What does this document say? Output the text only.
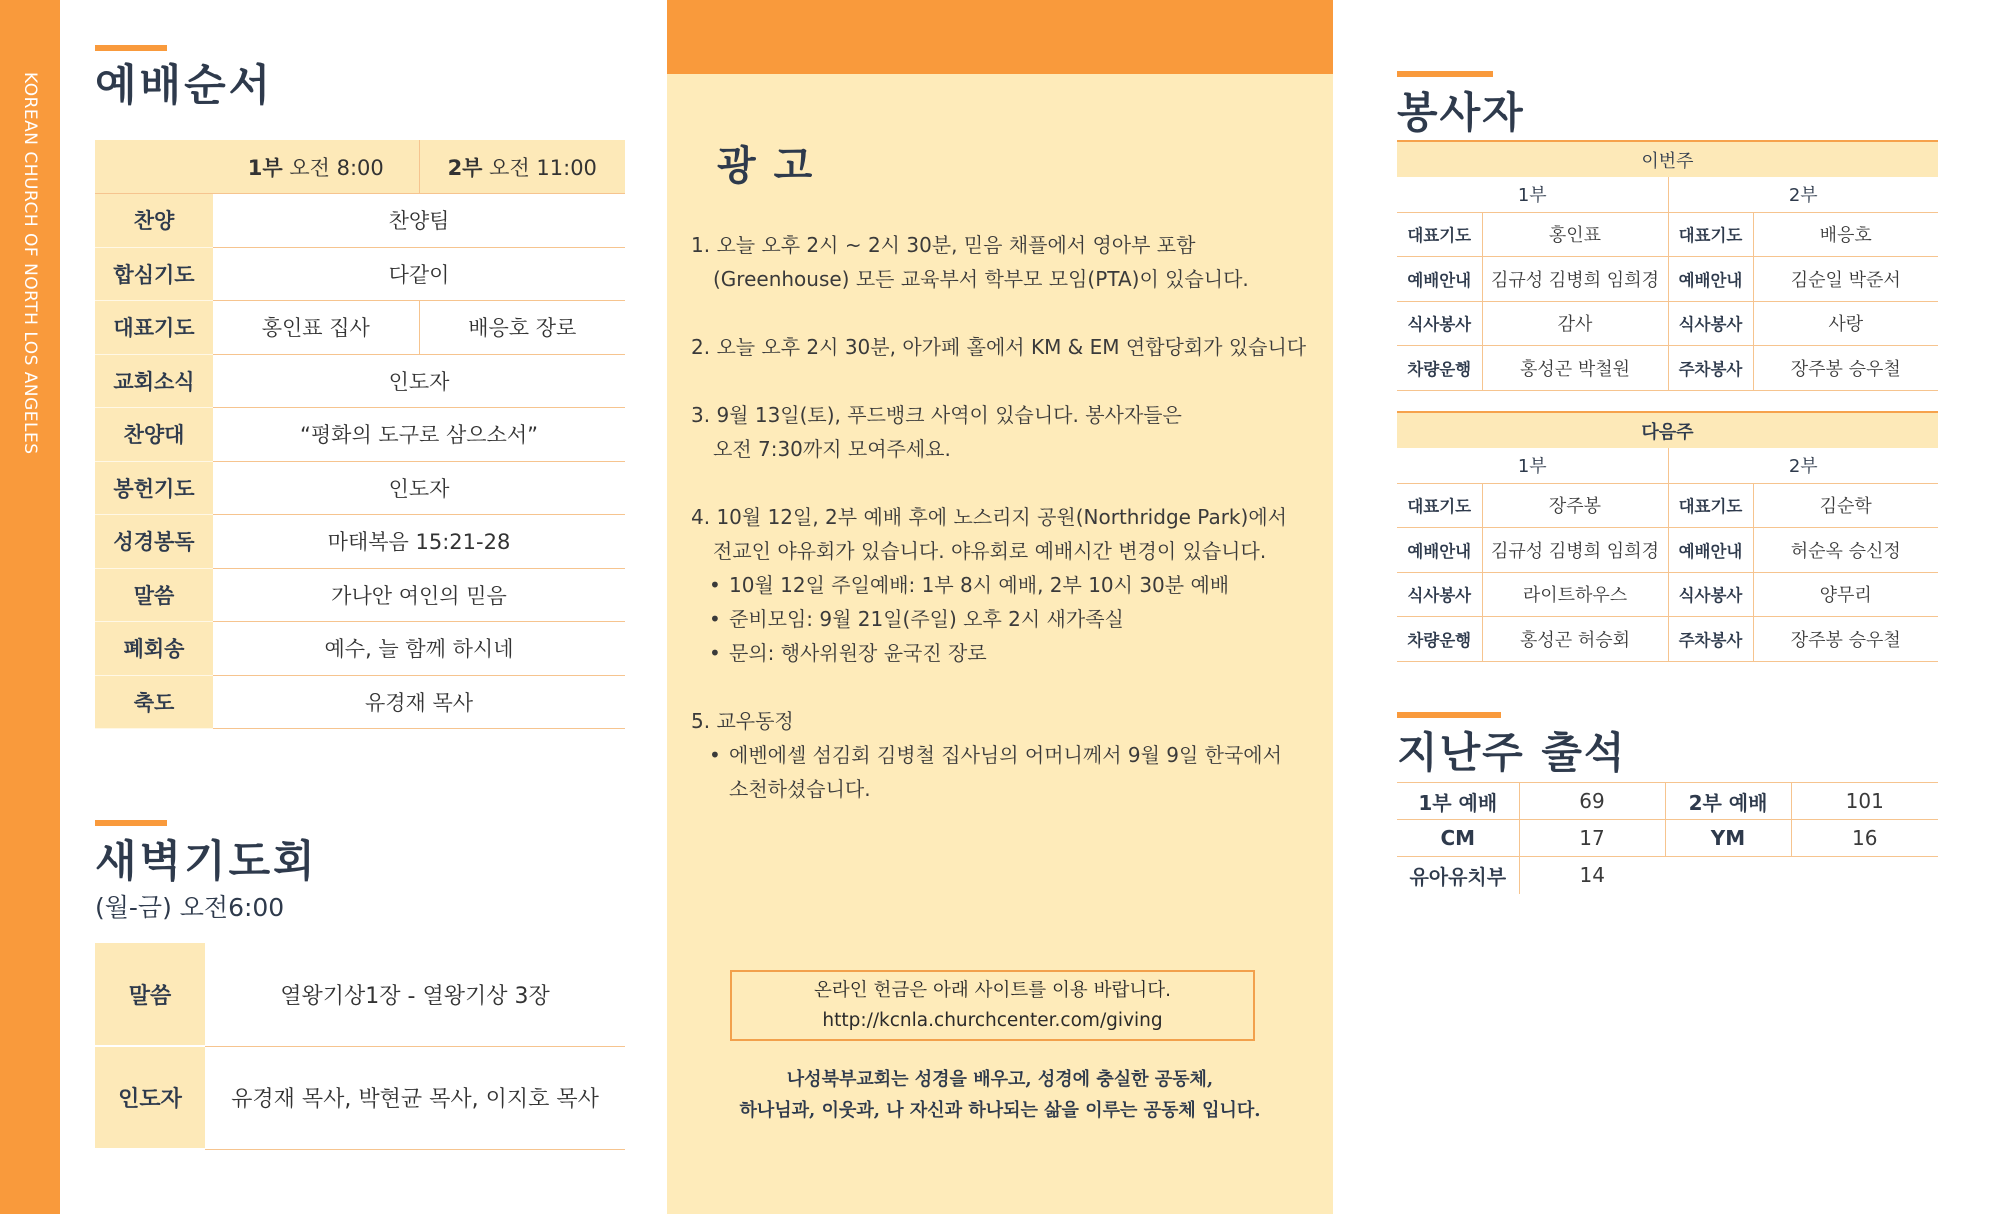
KOREAN CHURCH OF NORTH LOS ANGELES 예배순서
	1부 오전 8:00	2부 오전 11:00
찬양	찬양팀	
합심기도	다같이	
대표기도	홍인표 집사	배응호 장로
교회소식	인도자	
찬양대	“평화의 도구로 삼으소서”	
봉헌기도	인도자	
성경봉독	마태복음 15:21-28	
말씀	가나안 여인의 믿음	
폐회송	예수, 늘 함께 하시네	
축도	유경재 목사	
새벽기도회
(월-금) 오전6:00
말씀	열왕기상1장 - 열왕기상 3장
인도자	유경재 목사, 박현균 목사, 이지호 목사
광고
1. 오늘 오후 2시 ~ 2시 30분, 믿음 채플에서 영아부 포함
(Greenhouse) 모든 교육부서 학부모 모임(PTA)이 있습니다.
2. 오늘 오후 2시 30분, 아가페 홀에서 KM & EM 연합당회가 있습니다
3. 9월 13일(토), 푸드뱅크 사역이 있습니다. 봉사자들은
오전 7:30까지 모여주세요.
4. 10월 12일, 2부 예배 후에 노스리지 공원(Northridge Park)에서
전교인 야유회가 있습니다. 야유회로 예배시간 변경이 있습니다.
• 10월 12일 주일예배: 1부 8시 예배, 2부 10시 30분 예배
• 준비모임: 9월 21일(주일) 오후 2시 새가족실
• 문의: 행사위원장 윤국진 장로
5. 교우동정
• 에벤에셀 섬김회 김병철 집사님의 어머니께서 9월 9일 한국에서
소천하셨습니다.
온라인 헌금은 아래 사이트를 이용 바랍니다.
http://kcnla.churchcenter.com/giving
나성북부교회는 성경을 배우고, 성경에 충실한 공동체,
하나님과, 이웃과, 나 자신과 하나되는 삶을 이루는 공동체 입니다.
봉사자
이번주			
1부		2부	
대표기도	홍인표	대표기도	배응호
예배안내	김규성 김병희 임희경	예배안내	김순일 박준서
식사봉사	감사	식사봉사	사랑
차량운행	홍성곤 박철원	주차봉사	장주봉 승우철
다음주			
1부		2부	
대표기도	장주봉	대표기도	김순학
예배안내	김규성 김병희 임희경	예배안내	허순옥 승신정
식사봉사	라이트하우스	식사봉사	양무리
차량운행	홍성곤 허승회	주차봉사	장주봉 승우철
지난주 출석
1부 예배	69	2부 예배	101
CM	17	YM	16
유아유치부	14		
